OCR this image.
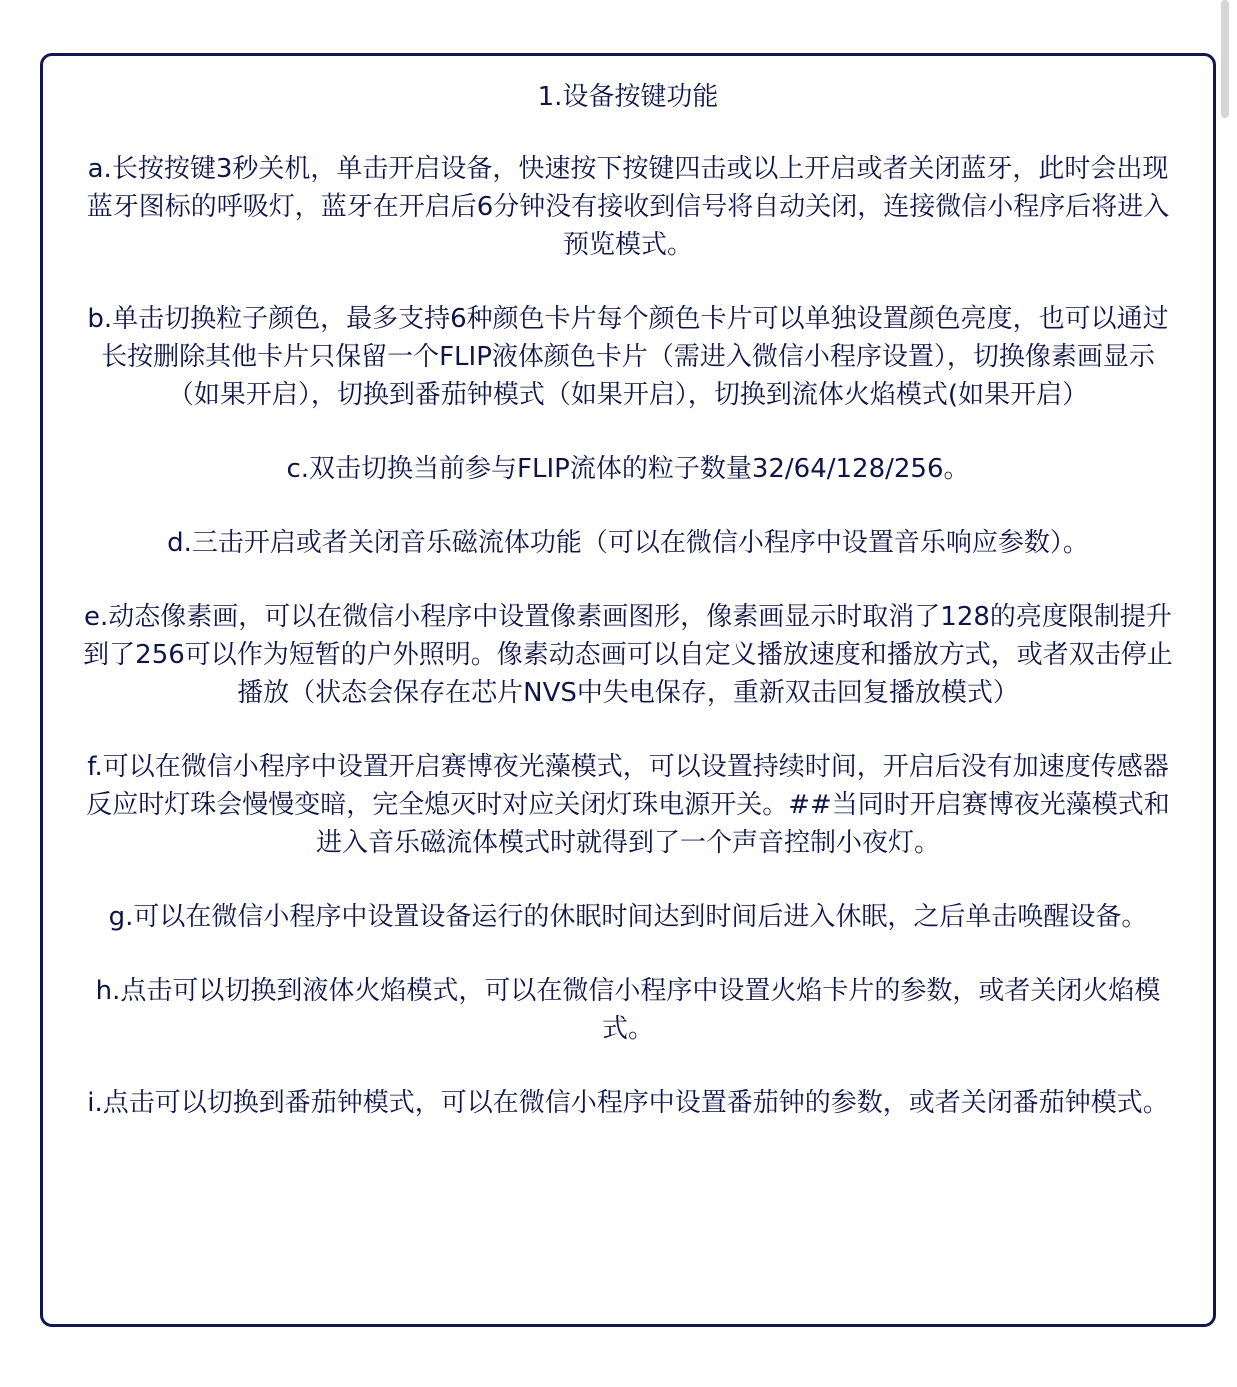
1.设备按键功能
a.长按按键3秒关机，单击开启设备，快速按下按键四击或以上开启或者关闭蓝牙，此时会出现蓝牙图标的呼吸灯，蓝牙在开启后6分钟没有接收到信号将自动关闭，连接微信小程序后将进入预览模式。
b.单击切换粒子颜色，最多支持6种颜色卡片每个颜色卡片可以单独设置颜色亮度，也可以通过长按删除其他卡片只保留一个FLIP液体颜色卡片（需进入微信小程序设置），切换像素画显示（如果开启），切换到番茄钟模式（如果开启），切换到流体火焰模式(如果开启）
c.双击切换当前参与FLIP流体的粒子数量32/64/128/256。
d.三击开启或者关闭音乐磁流体功能（可以在微信小程序中设置音乐响应参数）。
e.动态像素画，可以在微信小程序中设置像素画图形，像素画显示时取消了128的亮度限制提升到了256可以作为短暂的户外照明。像素动态画可以自定义播放速度和播放方式，或者双击停止播放（状态会保存在芯片NVS中失电保存，重新双击回复播放模式）
f.可以在微信小程序中设置开启赛博夜光藻模式，可以设置持续时间，开启后没有加速度传感器反应时灯珠会慢慢变暗，完全熄灭时对应关闭灯珠电源开关。##当同时开启赛博夜光藻模式和进入音乐磁流体模式时就得到了一个声音控制小夜灯。
g.可以在微信小程序中设置设备运行的休眠时间达到时间后进入休眠，之后单击唤醒设备。
h.点击可以切换到液体火焰模式，可以在微信小程序中设置火焰卡片的参数，或者关闭火焰模式。
i.点击可以切换到番茄钟模式，可以在微信小程序中设置番茄钟的参数，或者关闭番茄钟模式。
